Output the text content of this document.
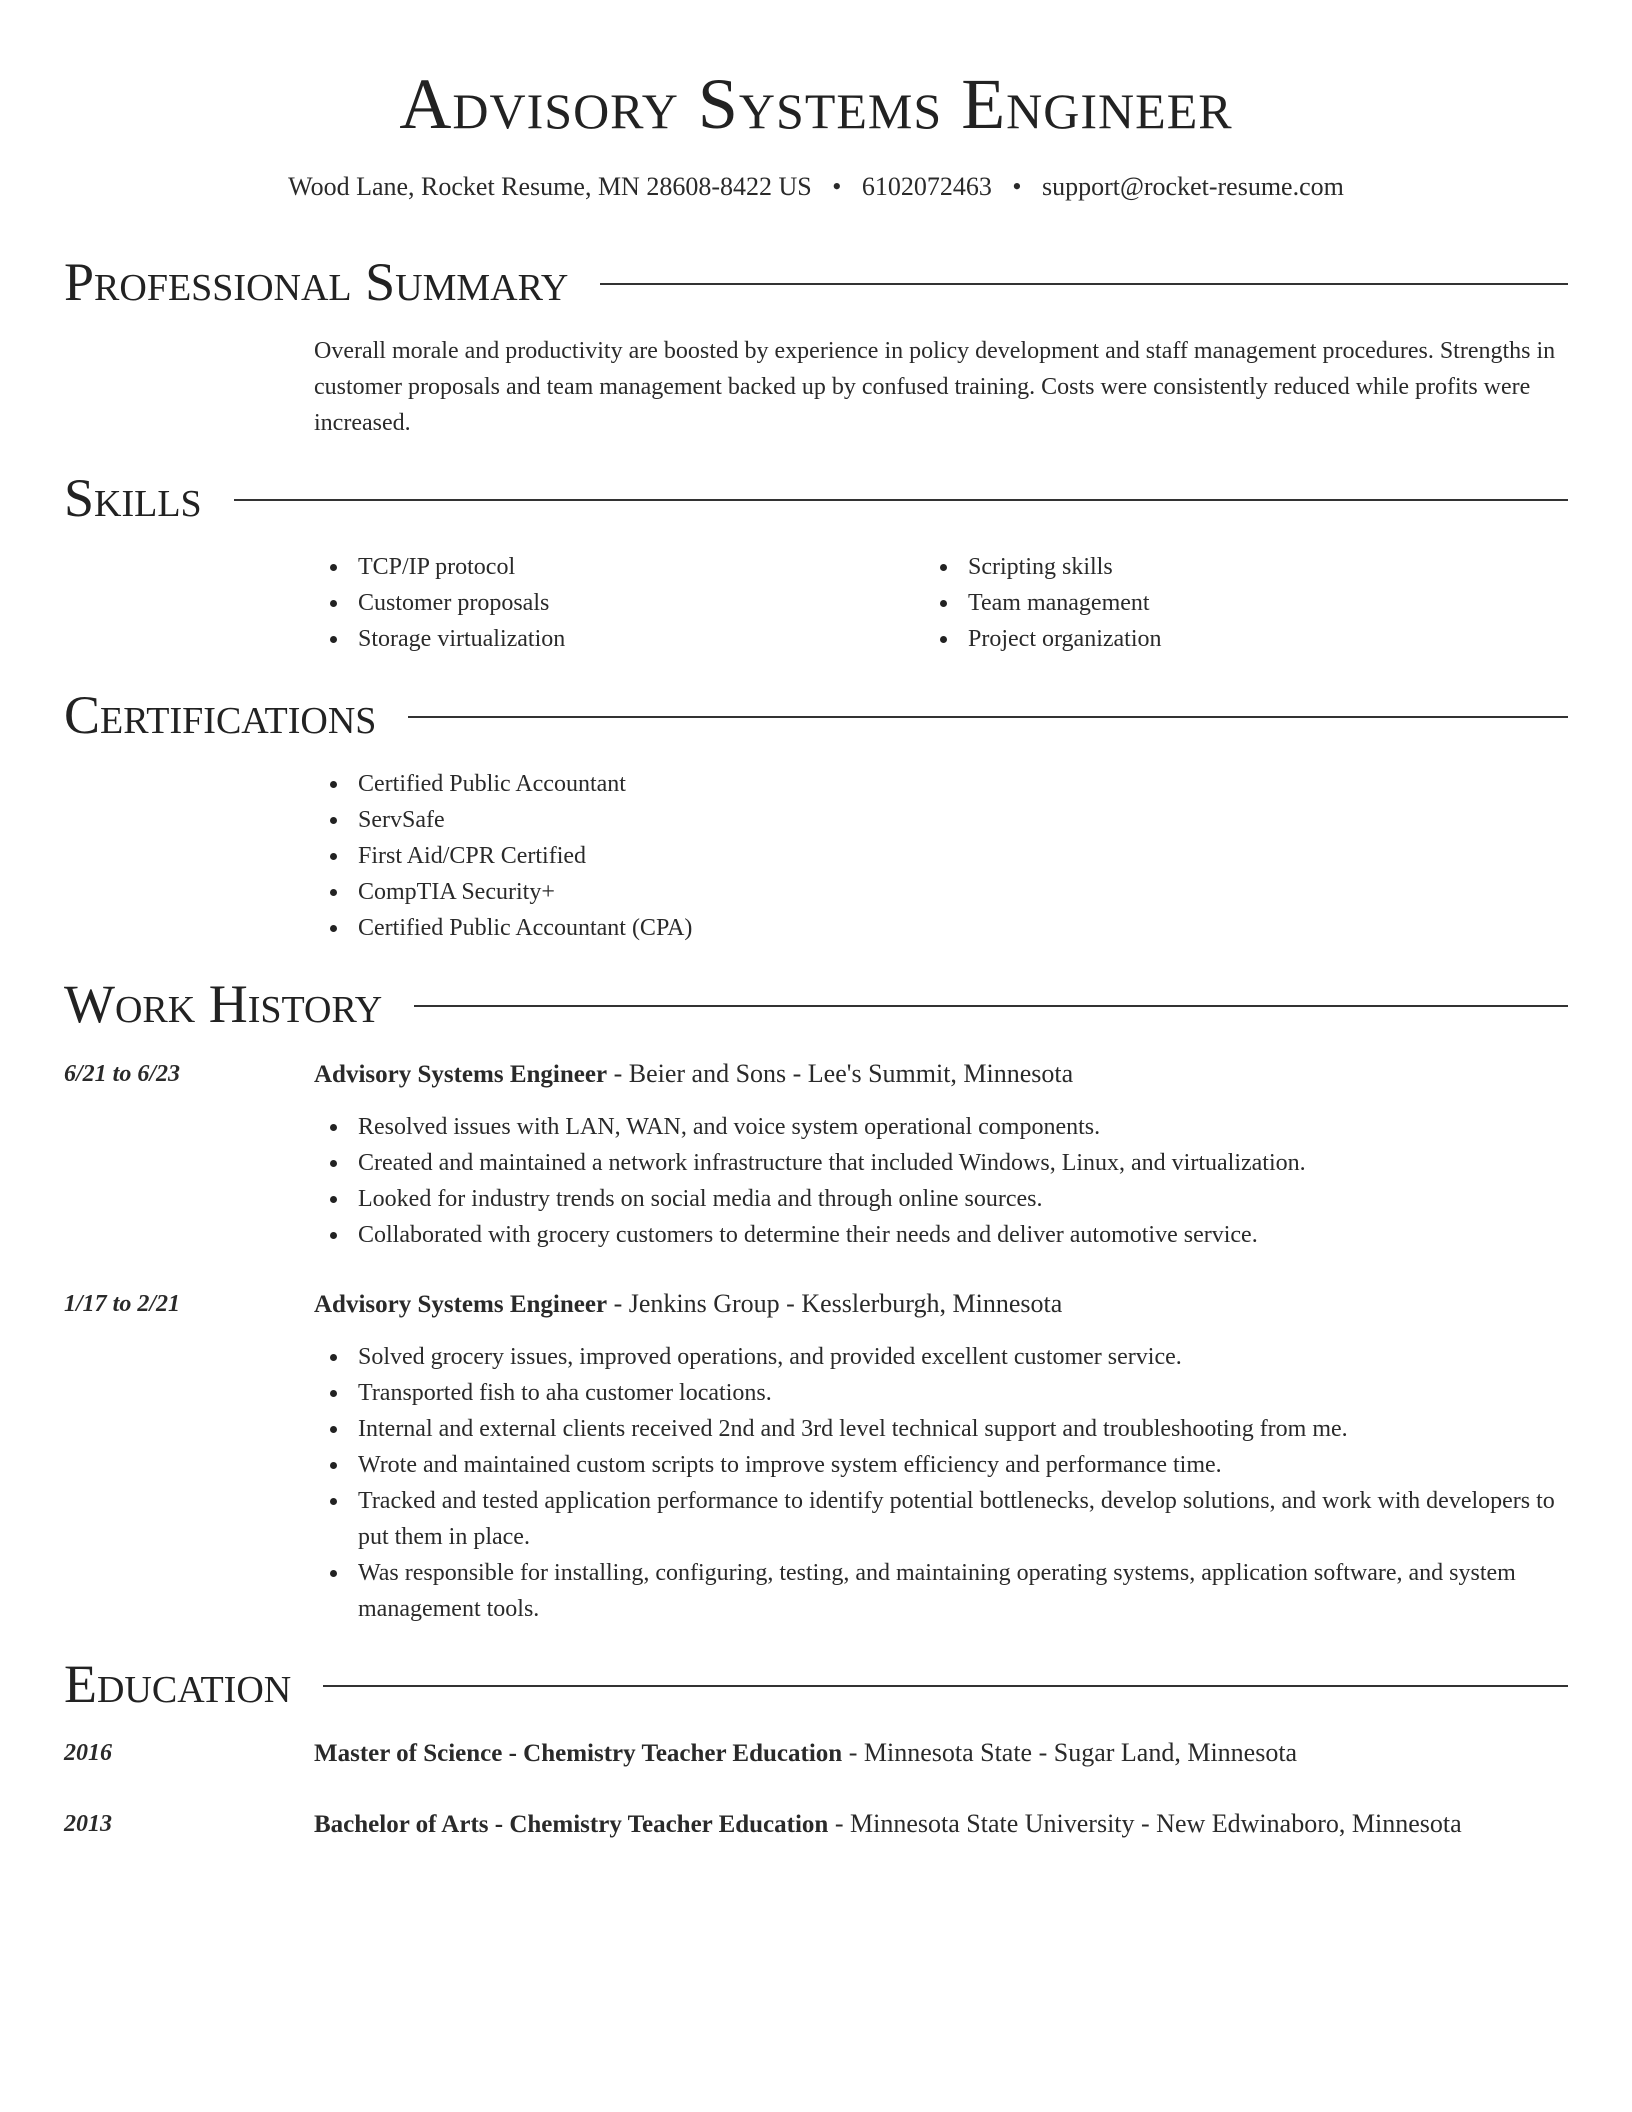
Advisory Systems Engineer
Wood Lane, Rocket Resume, MN 28608-8422 US • 6102072463 • support@rocket-resume.com
Professional Summary
Overall morale and productivity are boosted by experience in policy development and staff management procedures. Strengths in customer proposals and team management backed up by confused training. Costs were consistently reduced while profits were increased.
Skills
TCP/IP protocol
Customer proposals
Storage virtualization
Scripting skills
Team management
Project organization
Certifications
Certified Public Accountant
ServSafe
First Aid/CPR Certified
CompTIA Security+
Certified Public Accountant (CPA)
Work History
6/21 to 6/23	Advisory Systems Engineer - Beier and Sons - Lee's Summit, Minnesota
Resolved issues with LAN, WAN, and voice system operational components.
Created and maintained a network infrastructure that included Windows, Linux, and virtualization.
Looked for industry trends on social media and through online sources.
Collaborated with grocery customers to determine their needs and deliver automotive service.
1/17 to 2/21	Advisory Systems Engineer - Jenkins Group - Kesslerburgh, Minnesota
Solved grocery issues, improved operations, and provided excellent customer service.
Transported fish to aha customer locations.
Internal and external clients received 2nd and 3rd level technical support and troubleshooting from me.
Wrote and maintained custom scripts to improve system efficiency and performance time.
Tracked and tested application performance to identify potential bottlenecks, develop solutions, and work with developers to put them in place.
Was responsible for installing, configuring, testing, and maintaining operating systems, application software, and system management tools.
Education
2016	Master of Science - Chemistry Teacher Education - Minnesota State - Sugar Land, Minnesota
2013	Bachelor of Arts - Chemistry Teacher Education - Minnesota State University - New Edwinaboro, Minnesota
